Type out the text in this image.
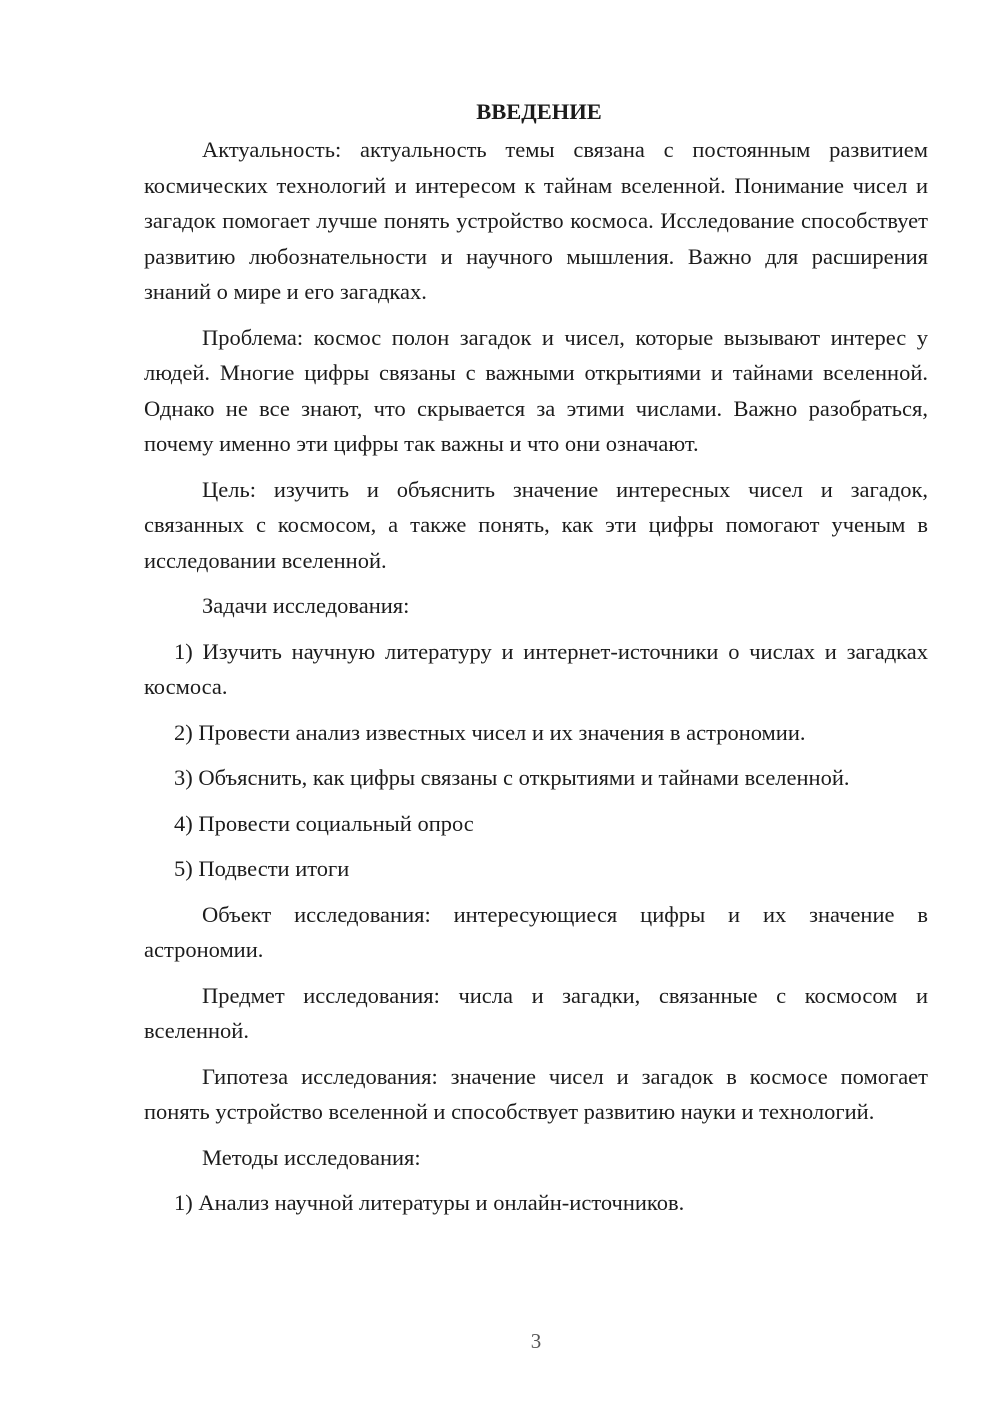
ВВЕДЕНИЕ

Актуальность: актуальность темы связана с постоянным развитием космических технологий и интересом к тайнам вселенной. Понимание чисел и загадок помогает лучше понять устройство космоса. Исследование способствует развитию любознательности и научного мышления. Важно для расширения знаний о мире и его загадках.

Проблема: космос полон загадок и чисел, которые вызывают интерес у людей. Многие цифры связаны с важными открытиями и тайнами вселенной. Однако не все знают, что скрывается за этими числами. Важно разобраться, почему именно эти цифры так важны и что они означают.

Цель: изучить и объяснить значение интересных чисел и загадок, связанных с космосом, а также понять, как эти цифры помогают ученым в исследовании вселенной.

Задачи исследования:

1) Изучить научную литературу и интернет-источники о числах и загадках космоса.

2) Провести анализ известных чисел и их значения в астрономии.

3) Объяснить, как цифры связаны с открытиями и тайнами вселенной.

4) Провести социальный опрос

5) Подвести итоги

Объект исследования: интересующиеся цифры и их значение в астрономии.

Предмет исследования: числа и загадки, связанные с космосом и вселенной.

Гипотеза исследования: значение чисел и загадок в космосе помогает понять устройство вселенной и способствует развитию науки и технологий.

Методы исследования:

1) Анализ научной литературы и онлайн-источников.

3
